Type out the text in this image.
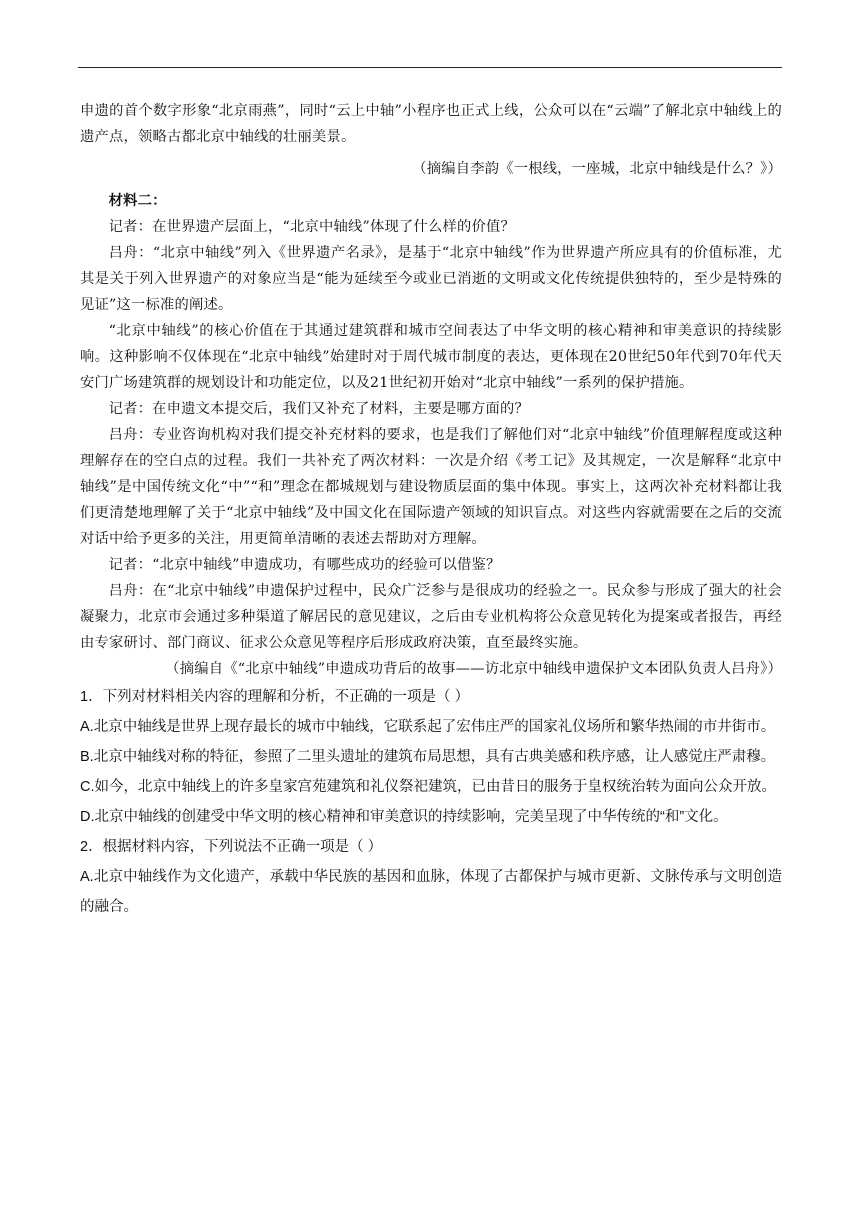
申遗的首个数字形象“北京雨燕”，同时“云上中轴”小程序也正式上线，公众可以在“云端”了解北京中轴线上的遗产点，领略古都北京中轴线的壮丽美景。

（摘编自李韵《一根线，一座城，北京中轴线是什么？》）

材料二：

记者：在世界遗产层面上，“北京中轴线”体现了什么样的价值？

吕舟：“北京中轴线”列入《世界遗产名录》，是基于“北京中轴线”作为世界遗产所应具有的价值标准，尤其是关于列入世界遗产的对象应当是“能为延续至今或业已消逝的文明或文化传统提供独特的，至少是特殊的见证”这一标准的阐述。

“北京中轴线”的核心价值在于其通过建筑群和城市空间表达了中华文明的核心精神和审美意识的持续影响。这种影响不仅体现在“北京中轴线”始建时对于周代城市制度的表达，更体现在20世纪50年代到70年代天安门广场建筑群的规划设计和功能定位，以及21世纪初开始对“北京中轴线”一系列的保护措施。

记者：在申遗文本提交后，我们又补充了材料，主要是哪方面的？

吕舟：专业咨询机构对我们提交补充材料的要求，也是我们了解他们对“北京中轴线”价值理解程度或这种理解存在的空白点的过程。我们一共补充了两次材料：一次是介绍《考工记》及其规定，一次是解释“北京中轴线”是中国传统文化“中”“和”理念在都城规划与建设物质层面的集中体现。事实上，这两次补充材料都让我们更清楚地理解了关于“北京中轴线”及中国文化在国际遗产领域的知识盲点。对这些内容就需要在之后的交流对话中给予更多的关注，用更简单清晰的表述去帮助对方理解。

记者：“北京中轴线”申遗成功，有哪些成功的经验可以借鉴？

吕舟：在“北京中轴线”申遗保护过程中，民众广泛参与是很成功的经验之一。民众参与形成了强大的社会凝聚力，北京市会通过多种渠道了解居民的意见建议，之后由专业机构将公众意见转化为提案或者报告，再经由专家研讨、部门商议、征求公众意见等程序后形成政府决策，直至最终实施。

（摘编自《“北京中轴线”申遗成功背后的故事——访北京中轴线申遗保护文本团队负责人吕舟》）

1．下列对材料相关内容的理解和分析，不正确的一项是（ ）

A.北京中轴线是世界上现存最长的城市中轴线，它联系起了宏伟庄严的国家礼仪场所和繁华热闹的市井街市。

B.北京中轴线对称的特征，参照了二里头遗址的建筑布局思想，具有古典美感和秩序感，让人感觉庄严肃穆。

C.如今，北京中轴线上的许多皇家宫苑建筑和礼仪祭祀建筑，已由昔日的服务于皇权统治转为面向公众开放。

D.北京中轴线的创建受中华文明的核心精神和审美意识的持续影响，完美呈现了中华传统的“和”文化。

2．根据材料内容，下列说法不正确一项是（ ）

A.北京中轴线作为文化遗产，承载中华民族的基因和血脉，体现了古都保护与城市更新、文脉传承与文明创造的融合。
